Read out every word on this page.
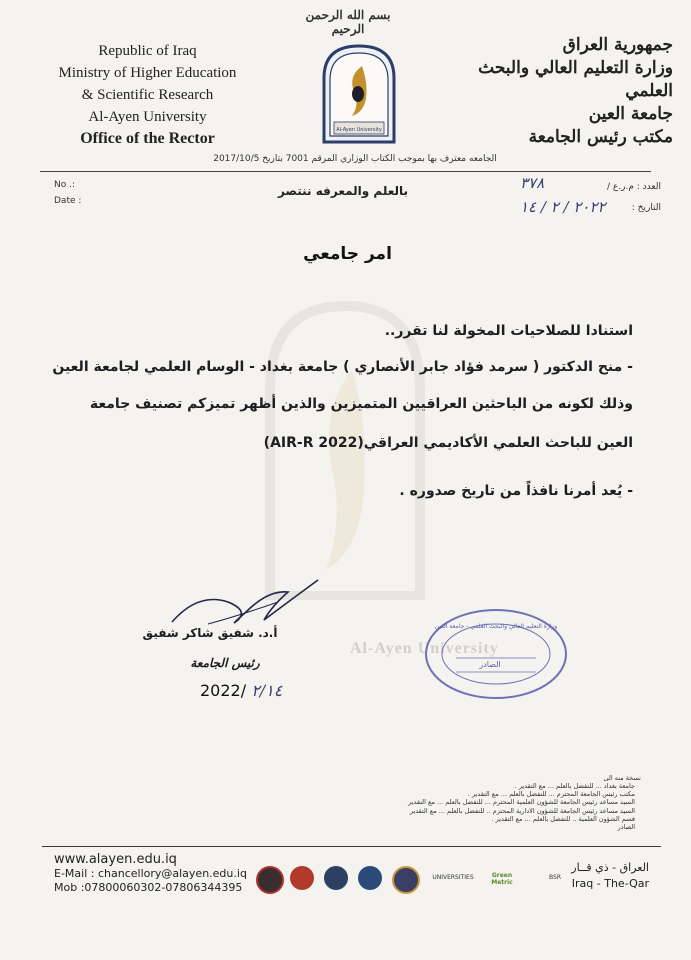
Republic of Iraq
Ministry of Higher Education
& Scientific Research
Al-Ayen University
Office of the Rector
بسم الله الرحمن الرحيم
Al-Ayen University
جمهورية العراق
وزارة التعليم العالي والبحث العلمي
جامعة العين
مكتب رئيس الجامعة
الجامعه معترف بها بموجب الكتاب الوزاري المرقم 7001 بتاريخ 2017/10/5
No .:
Date :
بالعلم والمعرفه ننتصر	العدد : م.ر.ع /
٣٧٨
التاريخ :
٢٠٢٢ / ٢ / ١٤
امر جامعي
استنادا للصلاحيات المخولة لنا تقرر..
- منح الدكتور ( سرمد فؤاد جابر الأنصاري ) جامعة بغداد - الوسام العلمي لجامعة العين
وذلك لكونه من الباحثين العراقيين المتميزين والذين أظهر تميزكم تصنيف جامعة
العين للباحث العلمي الأكاديمي العراقي(AIR-R 2022)
- يُعد أمرنا نافذاً من تاريخ صدوره .
أ.د. شفيق شاكر شفيق
رئيس الجامعة
2022/ ٢/١٤
Al-Ayen University
وزارة التعليم العالي والبحث العلمي - جامعة العين
الصادر
نسخة منه الى
جامعة بغداد ... للتفضل بالعلم ... مع التقدير .
مكتب رئيس الجامعة المحترم ... للتفضل بالعلم ... مع التقدير .
السيد مساعد رئيس الجامعة للشؤون العلمية المحترم ... للتفضل بالعلم ... مع التقدير
السيد مساعد رئيس الجامعة للشؤون الادارية المحترم .. للتفضل بالعلم ... مع التقدير
قسم الشؤون العلمية .. للتفضل بالعلم ... مع التقدير .
الصادر
www.alayen.edu.iq
E-Mail : chancellory@alayen.edu.iq
Mob :07800060302-07806344395
UNIVERSITIES	Green Metric
BSR
العراق - ذي قــار
Iraq - The-Qar
